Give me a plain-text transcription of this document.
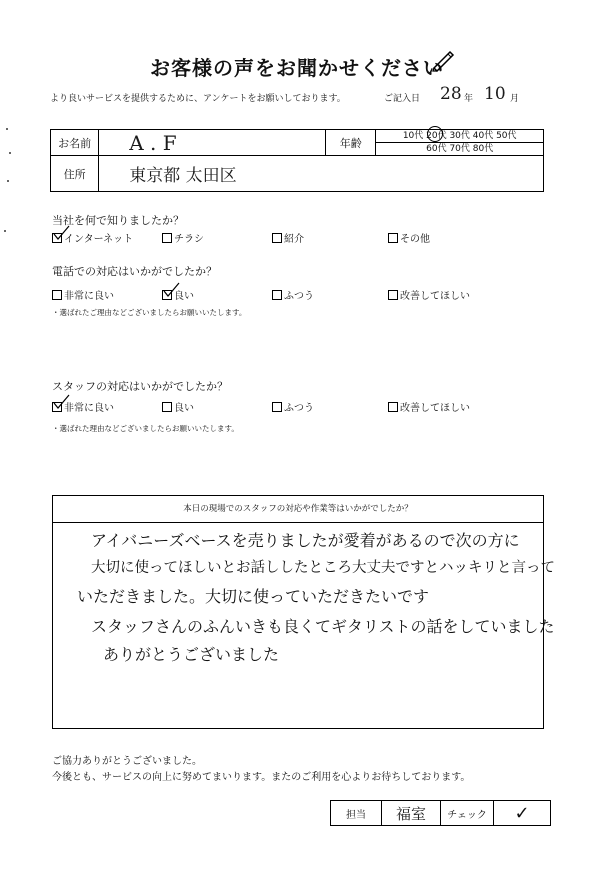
お客様の声をお聞かせください
より良いサービスを提供するために、アンケートをお願いしております。	ご記入日 28 年 10 月
お名前	A . F	年齢	10代 20代 30代 40代 50代
60代 70代 80代

住所	東京都 太田区		
当社を何で知りましたか？
インターネット	チラシ	紹介	その他
電話での対応はいかがでしたか？
非常に良い	良い	ふつう	改善してほしい
・選ばれたご理由などございましたらお願いいたします。
スタッフの対応はいかがでしたか？
非常に良い	良い	ふつう	改善してほしい
・選ばれた理由などございましたらお願いいたします。
本日の現場でのスタッフの対応や作業等はいかがでしたか？
アイバニーズベースを売りましたが愛着があるので次の方に
大切に使ってほしいとお話ししたところ大丈夫ですとハッキリと言って
いただきました。大切に使っていただきたいです
スタッフさんのふんいきも良くてギタリストの話をしていました
ありがとうございました
ご協力ありがとうございました。
今後とも、サービスの向上に努めてまいります。またのご利用を心よりお待ちしております。
担当	福室	チェック	✓
